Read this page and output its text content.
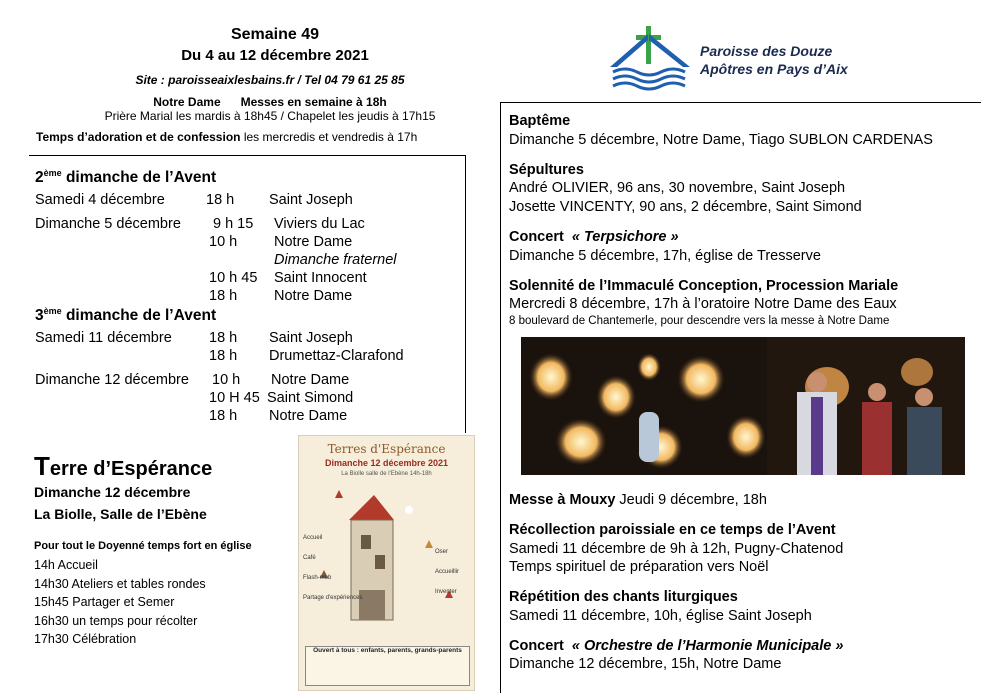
Semaine 49
Du 4 au 12 décembre 2021
Site : paroisseaixlesbains.fr / Tel 04 79 61 25 85
Notre Dame Messes en semaine à 18h
Prière Marial les mardis à 18h45 / Chapelet les jeudis à 17h15
Temps d’adoration et de confession les mercredis et vendredis à 17h
Paroisse des Douze
Apôtres en Pays d’Aix
2ème dimanche de l’Avent
Samedi 4 décembre	18 h Saint Joseph
Dimanche 5 décembre 9 h 15 Viviers du Lac
10 h	Notre Dame
Dimanche fraternel
10 h 45 Saint Innocent
18 h	Notre Dame
3ème dimanche de l’Avent
Samedi 11 décembre	18 h Saint Joseph
18 h Drumettaz-Clarafond
Dimanche 12 décembre 10 h Notre Dame
10 H 45 Saint Simond
18 h Notre Dame
Terre d’Espérance
Dimanche 12 décembre
La Biolle, Salle de l’Ebène
Pour tout le Doyenné temps fort en église
14h Accueil
14h30 Ateliers et tables rondes
15h45 Partager et Semer
16h30 un temps pour récolter
17h30 Célébration
Terres d'Espérance
Dimanche 12 décembre 2021
La Biolle salle de l'Ebène 14h-18h
Accueil
Café
Flash-mob
Partage d'expériences
Oser
Accueillir
Inventer
Ouvert à tous : enfants, parents, grands-parents
Baptême
Dimanche 5 décembre, Notre Dame, Tiago SUBLON CARDENAS
Sépultures
André OLIVIER, 96 ans, 30 novembre, Saint Joseph
Josette VINCENTY, 90 ans, 2 décembre, Saint Simond
Concert « Terpsichore »
Dimanche 5 décembre, 17h, église de Tresserve
Solennité de l’Immaculé Conception, Procession Mariale
Mercredi 8 décembre, 17h à l’oratoire Notre Dame des Eaux
8 boulevard de Chantemerle, pour descendre vers la messe à Notre Dame
Messe à Mouxy Jeudi 9 décembre, 18h
Récollection paroissiale en ce temps de l’Avent
Samedi 11 décembre de 9h à 12h, Pugny-Chatenod
Temps spirituel de préparation vers Noël
Répétition des chants liturgiques
Samedi 11 décembre, 10h, église Saint Joseph
Concert « Orchestre de l’Harmonie Municipale »
Dimanche 12 décembre, 15h, Notre Dame
